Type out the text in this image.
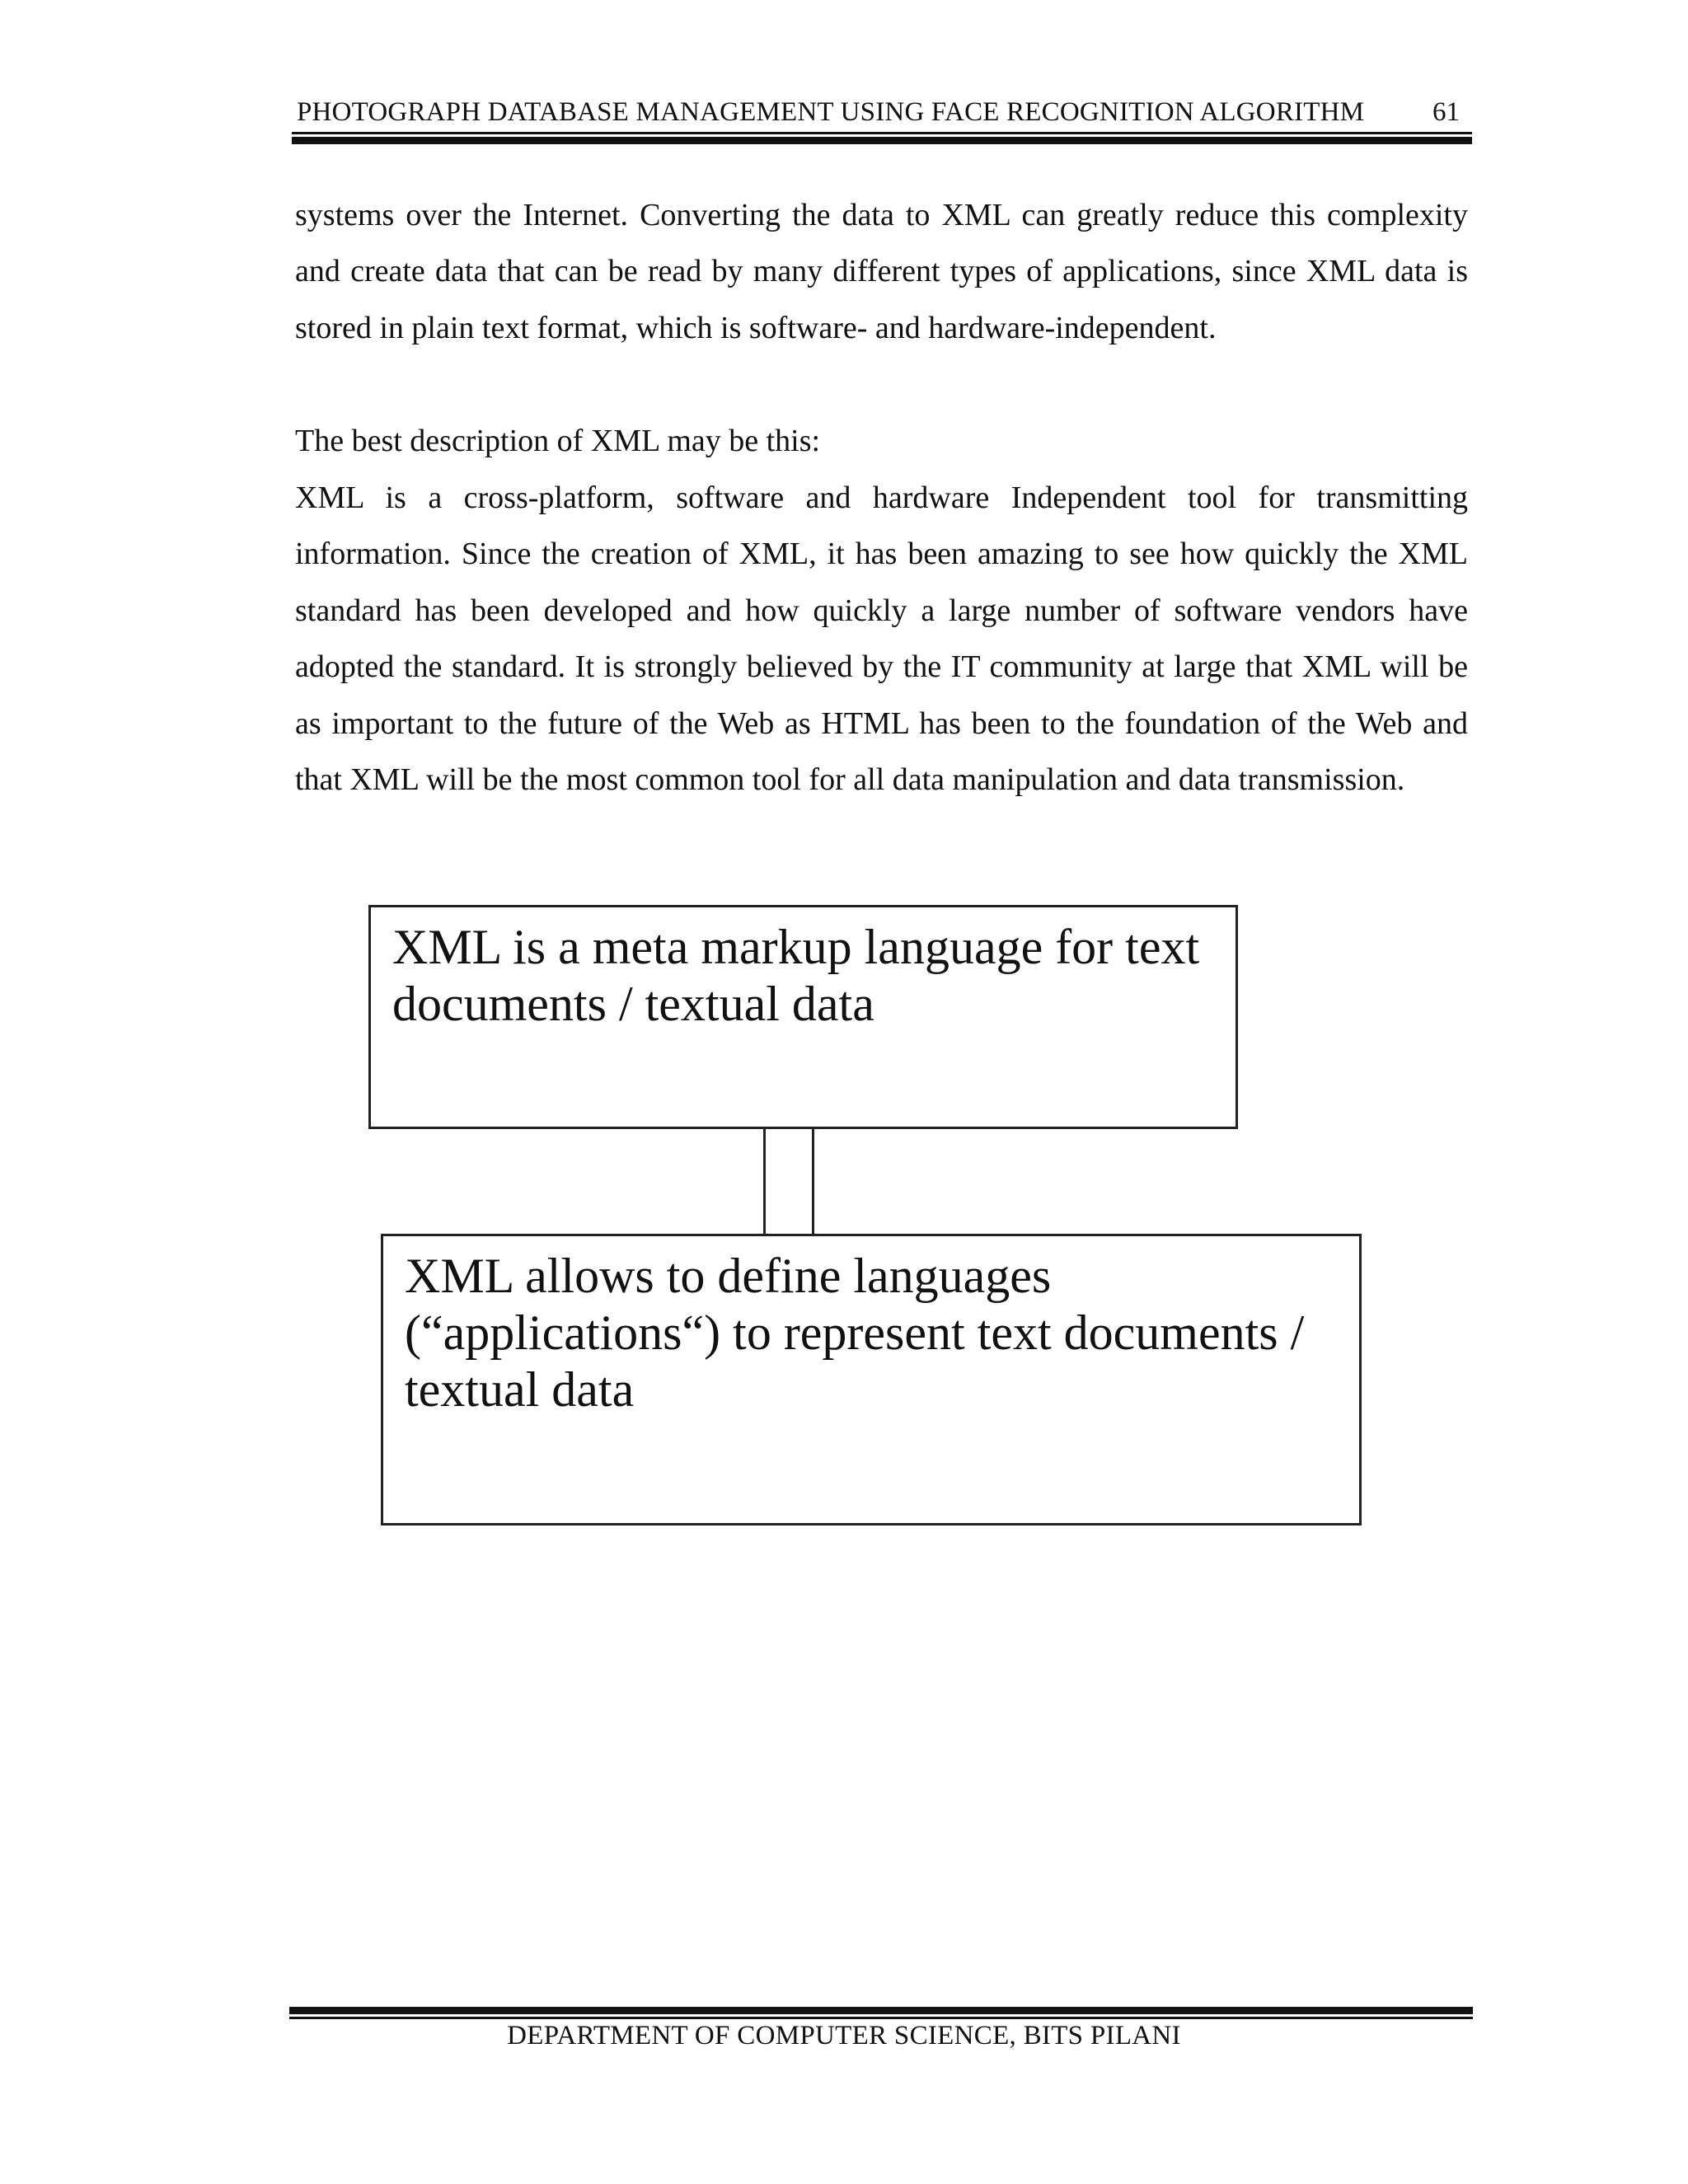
PHOTOGRAPH DATABASE MANAGEMENT USING FACE RECOGNITION ALGORITHM	61

systems over the Internet. Converting the data to XML can greatly reduce this complexity and create data that can be read by many different types of applications, since XML data is stored in plain text format, which is software- and hardware-independent.

The best description of XML may be this:

XML is a cross-platform, software and hardware Independent tool for transmitting information. Since the creation of XML, it has been amazing to see how quickly the XML standard has been developed and how quickly a large number of software vendors have adopted the standard. It is strongly believed by the IT community at large that XML will be as important to the future of the Web as HTML has been to the foundation of the Web and that XML will be the most common tool for all data manipulation and data transmission.

XML is a meta markup language for text documents / textual data

XML allows to define languages (“applications“) to represent text documents / textual data

DEPARTMENT OF COMPUTER SCIENCE, BITS PILANI
